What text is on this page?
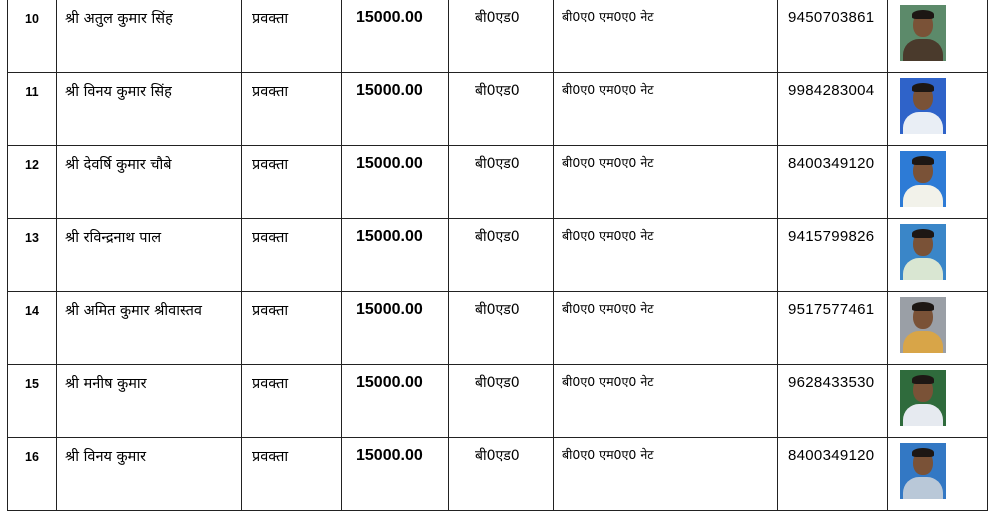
10	श्री अतुल कुमार सिंह	प्रवक्ता	15000.00	बी0एड0	बी0ए0 एम0ए0 नेट	9450703861	

11	श्री विनय कुमार सिंह	प्रवक्ता	15000.00	बी0एड0	बी0ए0 एम0ए0 नेट	9984283004	

12	श्री देवर्षि कुमार चौबे	प्रवक्ता	15000.00	बी0एड0	बी0ए0 एम0ए0 नेट	8400349120	

13	श्री रविन्द्रनाथ पाल	प्रवक्ता	15000.00	बी0एड0	बी0ए0 एम0ए0 नेट	9415799826	

14	श्री अमित कुमार श्रीवास्तव	प्रवक्ता	15000.00	बी0एड0	बी0ए0 एम0ए0 नेट	9517577461	

15	श्री मनीष कुमार	प्रवक्ता	15000.00	बी0एड0	बी0ए0 एम0ए0 नेट	9628433530	

16	श्री विनय कुमार	प्रवक्ता	15000.00	बी0एड0	बी0ए0 एम0ए0 नेट	8400349120	
